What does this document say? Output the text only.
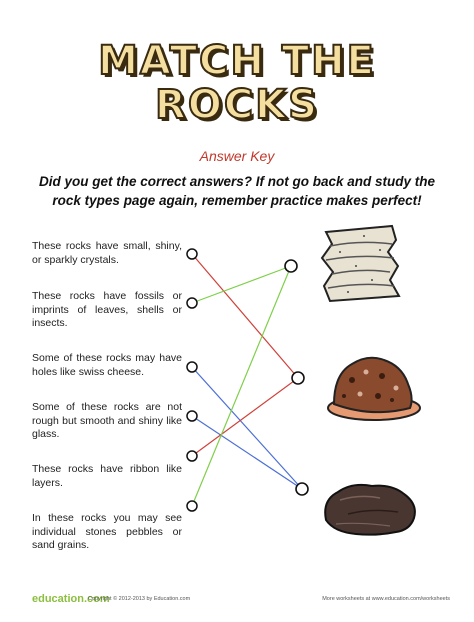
MATCH THE
ROCKS
Answer Key
Did you get the correct answers? If not go back and study the rock types page again, remember practice makes perfect!
These rocks have small, shiny, or sparkly crystals.
These rocks have fossils or imprints of leaves, shells or insects.
Some of these rocks may have holes like swiss cheese.
Some of these rocks are not rough but smooth and shiny like glass.
These rocks have ribbon like layers.
In these rocks you may see individual stones pebbles or sand grains.
education.com
Copyright © 2012-2013 by Education.com	More worksheets at www.education.com/worksheets
